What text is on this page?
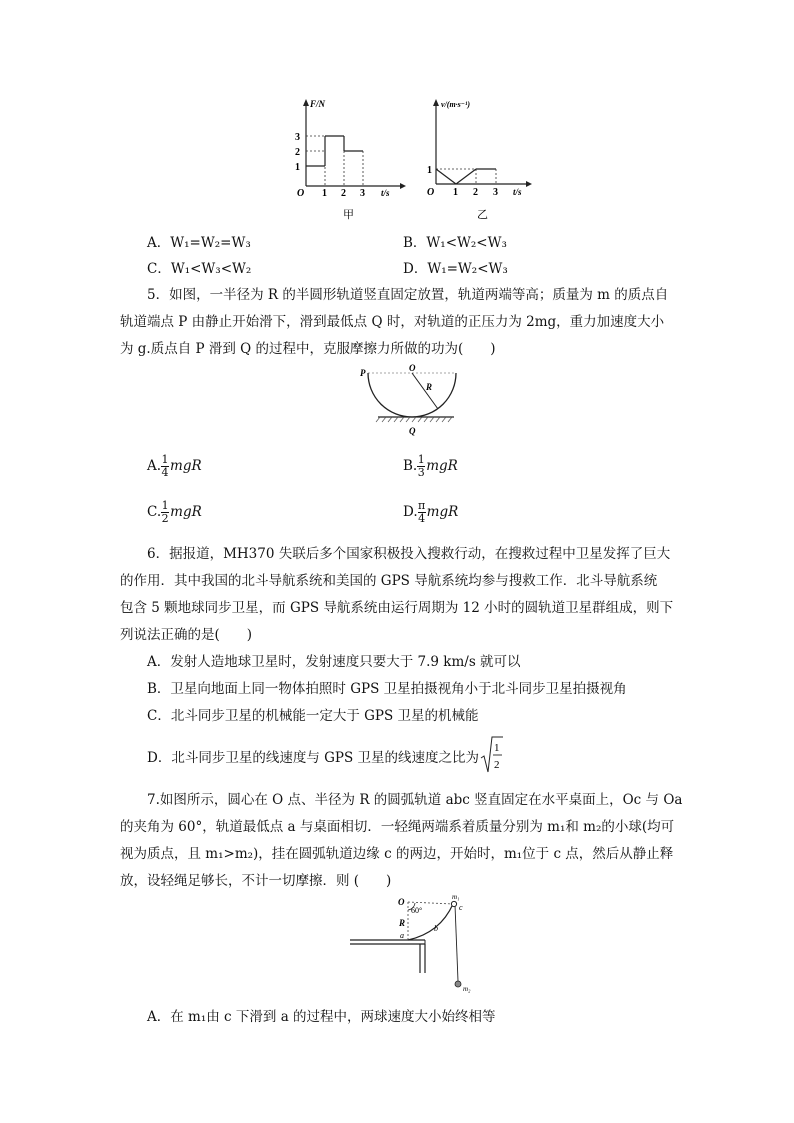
F/N
O 1 2 3 t/s
1
2
3
甲
v/(m·s⁻¹)
O
1
1 2 3 t/s
乙
A．W₁=W₂=W₃	B．W₁<W₂<W₃
C．W₁<W₃<W₂	D．W₁=W₂<W₃
5．如图，一半径为 R 的半圆形轨道竖直固定放置，轨道两端等高；质量为 m 的质点自
轨道端点 P 由静止开始滑下，滑到最低点 Q 时，对轨道的正压力为 2mg，重力加速度大小
为 g.质点自 P 滑到 Q 的过程中，克服摩擦力所做的功为(　　)
P	O
R
Q
A. $\frac{1}{4}$ mgR	B. $\frac{1}{3}$ mgR
C. $\frac{1}{2}$ mgR	D. $\frac{\pi}{4}$ mgR
6．据报道，MH370 失联后多个国家积极投入搜救行动，在搜救过程中卫星发挥了巨大
的作用．其中我国的北斗导航系统和美国的 GPS 导航系统均参与搜救工作．北斗导航系统
包含 5 颗地球同步卫星，而 GPS 导航系统由运行周期为 12 小时的圆轨道卫星群组成，则下
列说法正确的是(　　)
A．发射人造地球卫星时，发射速度只要大于 7.9 km/s 就可以
B．卫星向地面上同一物体拍照时 GPS 卫星拍摄视角小于北斗同步卫星拍摄视角
C．北斗同步卫星的机械能一定大于 GPS 卫星的机械能
D．北斗同步卫星的线速度与 GPS 卫星的线速度之比为
1
2
7.如图所示，圆心在 O 点、半径为 R 的圆弧轨道 abc 竖直固定在水平桌面上，Oc 与 Oa
的夹角为 60°，轨道最低点 a 与桌面相切．一轻绳两端系着质量分别为 m₁和 m₂的小球(均可
视为质点，且 m₁>m₂)，挂在圆弧轨道边缘 c 的两边，开始时，m₁位于 c 点，然后从静止释
放，设轻绳足够长，不计一切摩擦．则 (　　)
O
60°
R
a
b
c
m₁
m₂
A．在 m₁由 c 下滑到 a 的过程中，两球速度大小始终相等
